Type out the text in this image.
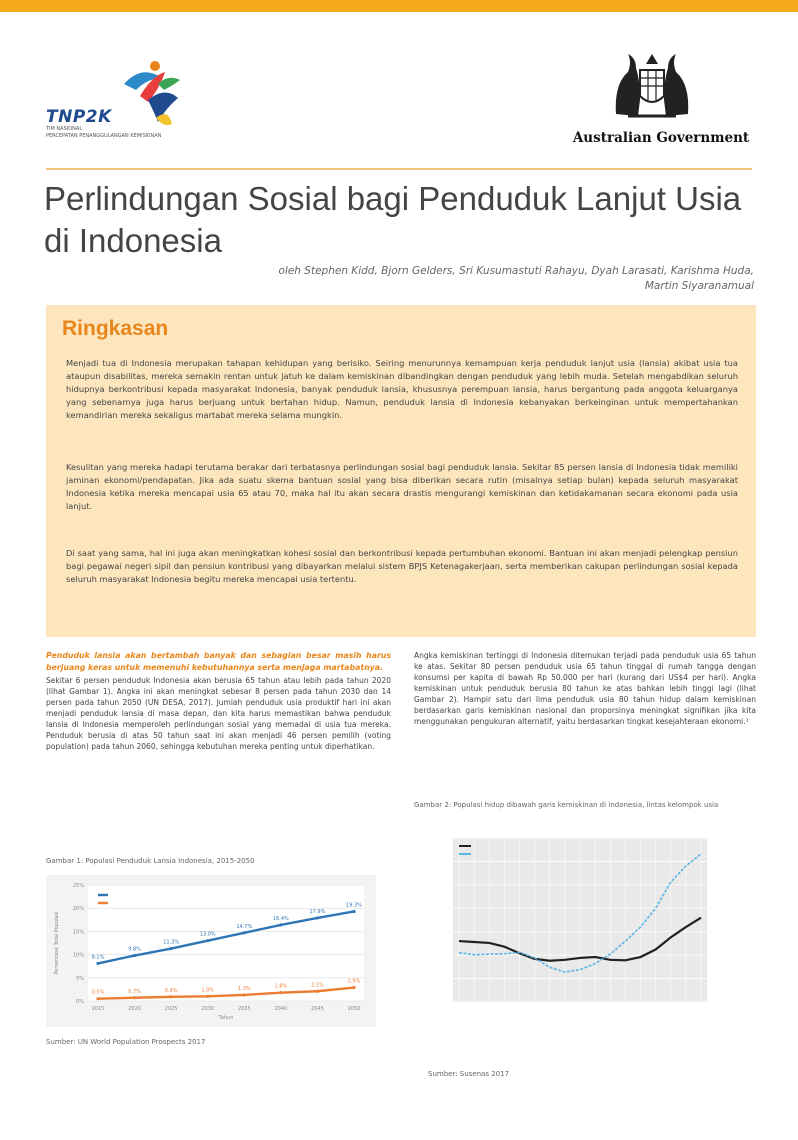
TNP2K
TIM NASIONAL
PERCEPATAN PENANGGULANGAN KEMISKINAN	Australian Government
Perlindungan Sosial bagi Penduduk Lanjut Usia di Indonesia
oleh Stephen Kidd, Bjorn Gelders, Sri Kusumastuti Rahayu, Dyah Larasati, Karishma Huda, Martin Siyaranamual
Ringkasan

Menjadi tua di Indonesia merupakan tahapan kehidupan yang berisiko. Seiring menurunnya kemampuan kerja penduduk lanjut usia (lansia) akibat usia tua ataupun disabilitas, mereka semakin rentan untuk jatuh ke dalam kemiskinan dibandingkan dengan penduduk yang lebih muda. Setelah mengabdikan seluruh hidupnya berkontribusi kepada masyarakat Indonesia, banyak penduduk lansia, khususnya perempuan lansia, harus bergantung pada anggota keluarganya yang sebenarnya juga harus berjuang untuk bertahan hidup. Namun, penduduk lansia di Indonesia kebanyakan berkeinginan untuk mempertahankan kemandirian mereka sekaligus martabat mereka selama mungkin.

Kesulitan yang mereka hadapi terutama berakar dari terbatasnya perlindungan sosial bagi penduduk lansia. Sekitar 85 persen lansia di Indonesia tidak memiliki jaminan ekonomi/pendapatan. Jika ada suatu skema bantuan sosial yang bisa diberikan secara rutin (misalnya setiap bulan) kepada seluruh masyarakat Indonesia ketika mereka mencapai usia 65 atau 70, maka hal itu akan secara drastis mengurangi kemiskinan dan ketidakamanan secara ekonomi pada usia lanjut.

Di saat yang sama, hal ini juga akan meningkatkan kohesi sosial dan berkontribusi kepada pertumbuhan ekonomi. Bantuan ini akan menjadi pelengkap pensiun bagi pegawai negeri sipil dan pensiun kontribusi yang dibayarkan melalui sistem BPJS Ketenagakerjaan, serta memberikan cakupan perlindungan sosial kepada seluruh masyarakat Indonesia begitu mereka mencapai usia tertentu.

Penduduk lansia akan bertambah banyak dan sebagian besar masih harus berjuang keras untuk memenuhi kebutuhannya serta menjaga martabatnya.
Sekitar 6 persen penduduk Indonesia akan berusia 65 tahun atau lebih pada tahun 2020 (lihat Gambar 1). Angka ini akan meningkat sebesar 8 persen pada tahun 2030 dan 14 persen pada tahun 2050 (UN DESA, 2017). Jumlah penduduk usia produktif hari ini akan menjadi penduduk lansia di masa depan, dan kita harus memastikan bahwa penduduk lansia di Indonesia memperoleh perlindungan sosial yang memadai di usia tua mereka. Penduduk berusia di atas 50 tahun saat ini akan menjadi 46 persen pemilih (voting population) pada tahun 2060, sehingga kebutuhan mereka penting untuk diperhatikan.
Angka kemiskinan tertinggi di Indonesia ditemukan terjadi pada penduduk usia 65 tahun ke atas. Sekitar 80 persen penduduk usia 65 tahun tinggal di rumah tangga dengan konsumsi per kapita di bawah Rp 50.000 per hari (kurang dari US$4 per hari). Angka kemiskinan untuk penduduk berusia 80 tahun ke atas bahkan lebih tinggi lagi (lihat Gambar 2). Hampir satu dari lima penduduk usia 80 tahun hidup dalam kemiskinan berdasarkan garis kemiskinan nasional dan proporsinya meningkat signifikan jika kita menggunakan pengukuran alternatif, yaitu berdasarkan tingkat kesejahteraan ekonomi.¹
Gambar 1: Populasi Penduduk Lansia Indonesia, 2015-2050
0%
5%
10%
15%
20%
25%
2015	2020	2025	2030	2035	2040	2045	2050
Tahun
Persentase Total Populasi	8.1%
9.8%
11.3%
13.0%
14.7%
16.4%
17.9%
19.3%
0.5%	0.7%	0.9%	1.0%	1.3%	1.8%	2.1%
2.9%
Sumber: UN World Population Prospects 2017
Gambar 2: Populasi hidup dibawah garis kemiskinan di Indonesia, lintas kelompok usia
Sumber: Susenas 2017
